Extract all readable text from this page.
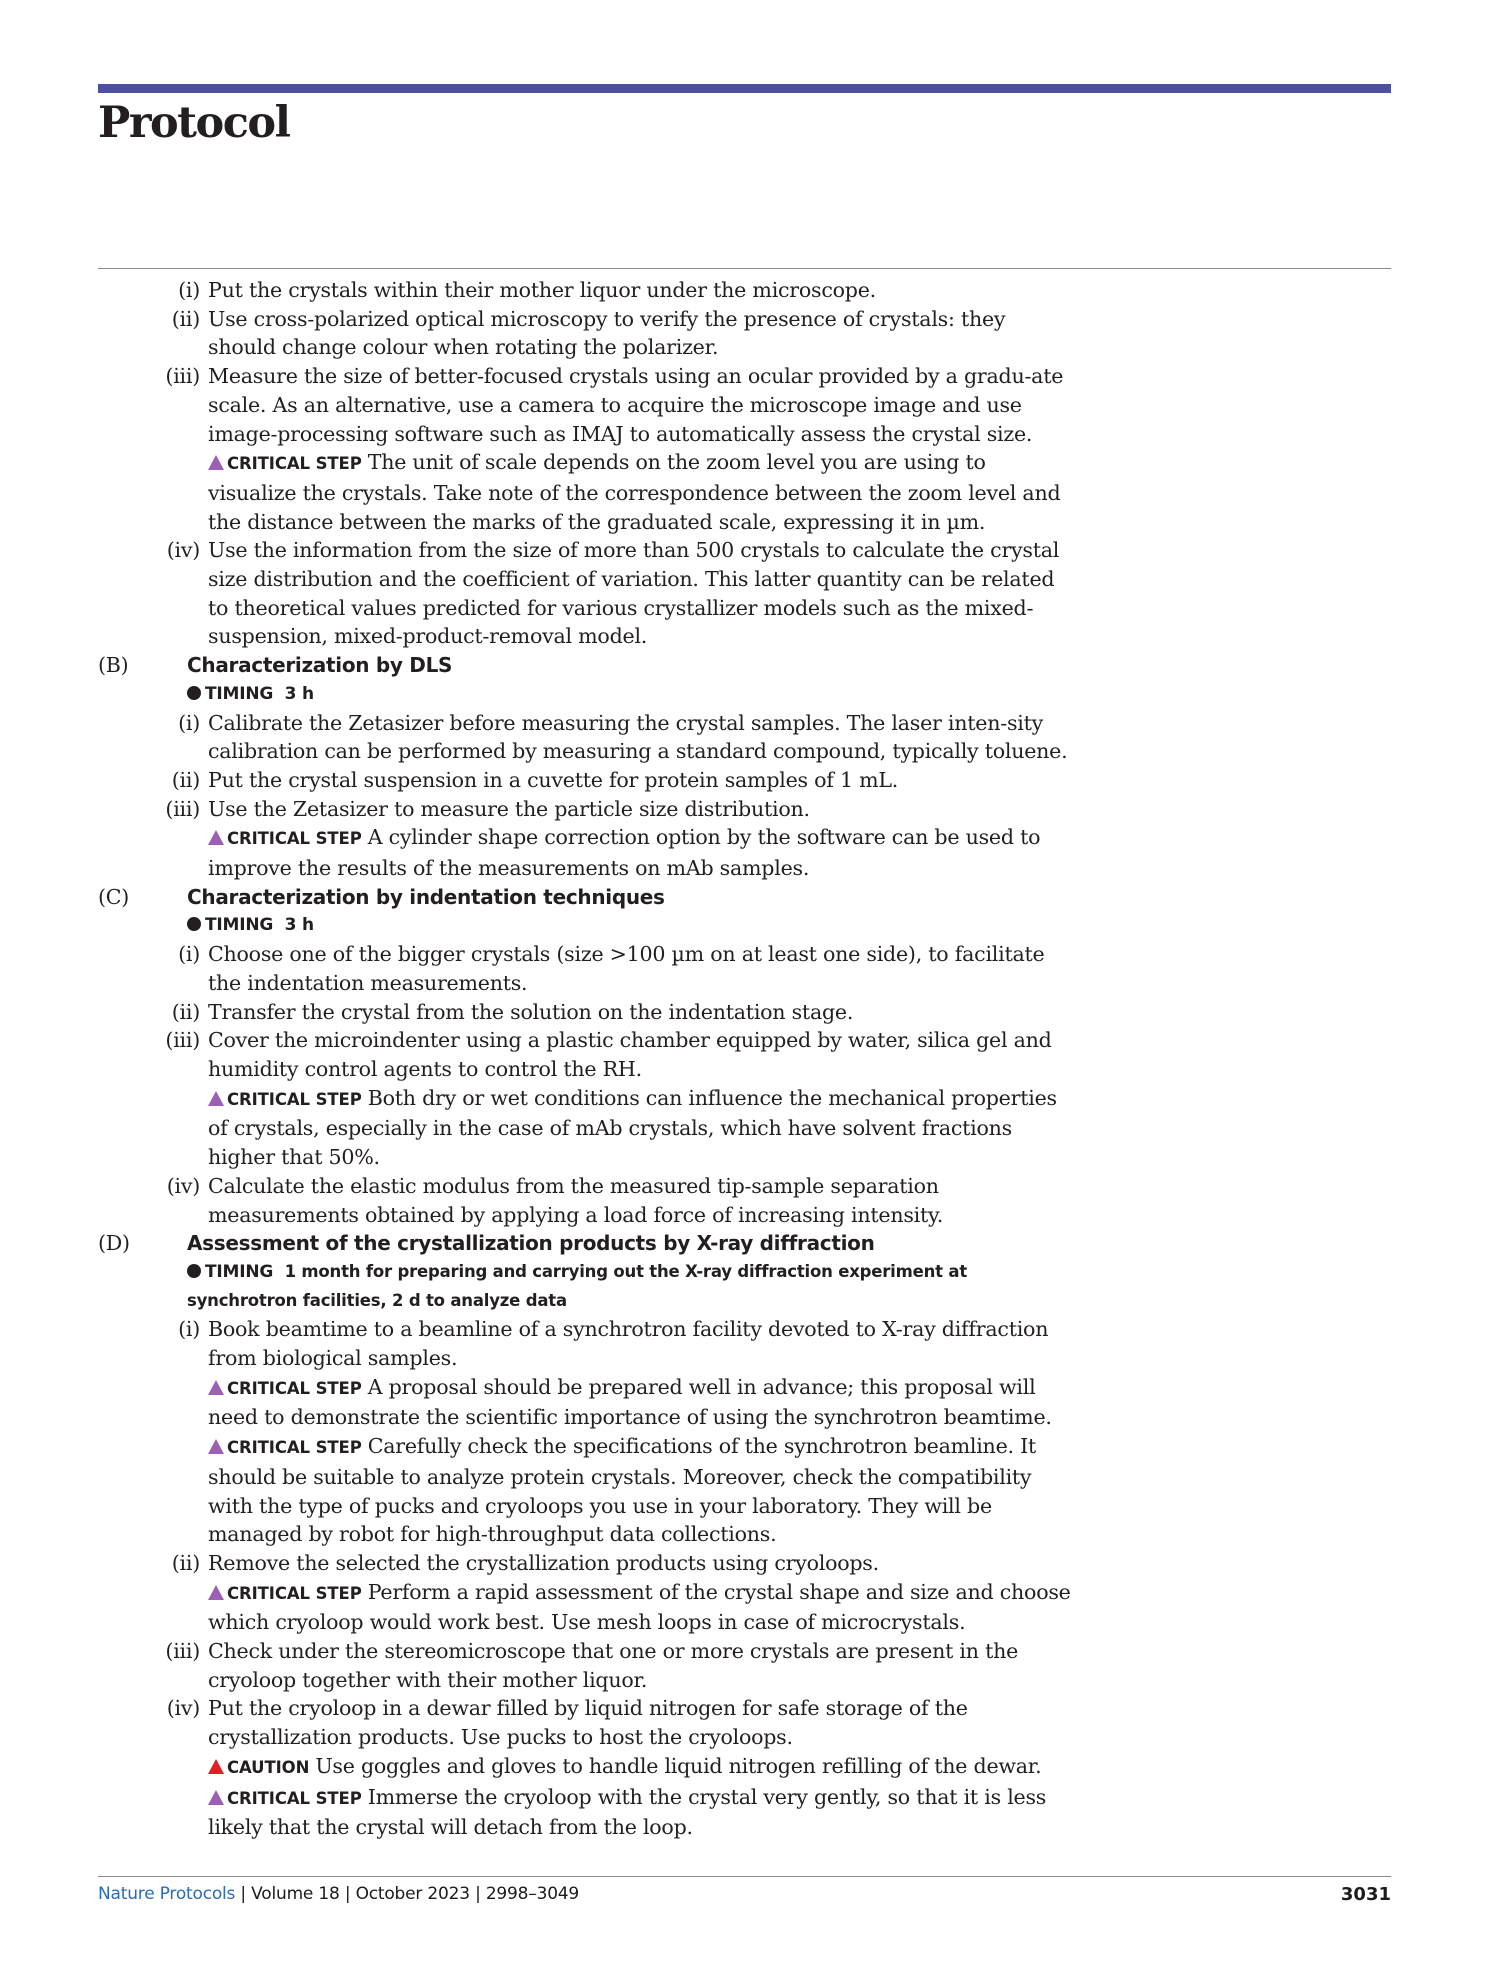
Protocol
(i) Put the crystals within their mother liquor under the microscope.
(ii) Use cross-polarized optical microscopy to verify the presence of crystals: they should change colour when rotating the polarizer.
(iii) Measure the size of better-focused crystals using an ocular provided by a gradu-ate scale. As an alternative, use a camera to acquire the microscope image and use image-processing software such as IMAJ to automatically assess the crystal size.

CRITICAL STEP The unit of scale depends on the zoom level you are using to visualize the crystals. Take note of the correspondence between the zoom level and the distance between the marks of the graduated scale, expressing it in µm.

(iv) Use the information from the size of more than 500 crystals to calculate the crystal size distribution and the coefficient of variation. This latter quantity can be related to theoretical values predicted for various crystallizer models such as the mixed-suspension, mixed-product-removal model.
(B)	Characterization by DLS

TIMING 3 h

(i) Calibrate the Zetasizer before measuring the crystal samples. The laser inten-sity calibration can be performed by measuring a standard compound, typically toluene.
(ii) Put the crystal suspension in a cuvette for protein samples of 1 mL.
(iii) Use the Zetasizer to measure the particle size distribution.

CRITICAL STEP A cylinder shape correction option by the software can be used to improve the results of the measurements on mAb samples.

(C)	Characterization by indentation techniques

TIMING 3 h

(i) Choose one of the bigger crystals (size >100 µm on at least one side), to facilitate the indentation measurements.
(ii) Transfer the crystal from the solution on the indentation stage.
(iii) Cover the microindenter using a plastic chamber equipped by water, silica gel and humidity control agents to control the RH.

CRITICAL STEP Both dry or wet conditions can influence the mechanical properties of crystals, especially in the case of mAb crystals, which have solvent fractions higher that 50%.

(iv) Calculate the elastic modulus from the measured tip-sample separation measurements obtained by applying a load force of increasing intensity.
(D)	Assessment of the crystallization products by X-ray diffraction

TIMING 1 month for preparing and carrying out the X-ray diffraction experiment at synchrotron facilities, 2 d to analyze data

(i) Book beamtime to a beamline of a synchrotron facility devoted to X-ray diffraction from biological samples.

CRITICAL STEP A proposal should be prepared well in advance; this proposal will need to demonstrate the scientific importance of using the synchrotron beamtime.

CRITICAL STEP Carefully check the specifications of the synchrotron beamline. It should be suitable to analyze protein crystals. Moreover, check the compatibility with the type of pucks and cryoloops you use in your laboratory. They will be managed by robot for high-throughput data collections.

(ii) Remove the selected the crystallization products using cryoloops.

CRITICAL STEP Perform a rapid assessment of the crystal shape and size and choose which cryoloop would work best. Use mesh loops in case of microcrystals.

(iii) Check under the stereomicroscope that one or more crystals are present in the cryoloop together with their mother liquor.
(iv) Put the cryoloop in a dewar filled by liquid nitrogen for safe storage of the crystallization products. Use pucks to host the cryoloops.

CAUTION Use goggles and gloves to handle liquid nitrogen refilling of the dewar.

CRITICAL STEP Immerse the cryoloop with the crystal very gently, so that it is less likely that the crystal will detach from the loop.

Nature Protocols | Volume 18 | October 2023 | 2998–3049	3031
